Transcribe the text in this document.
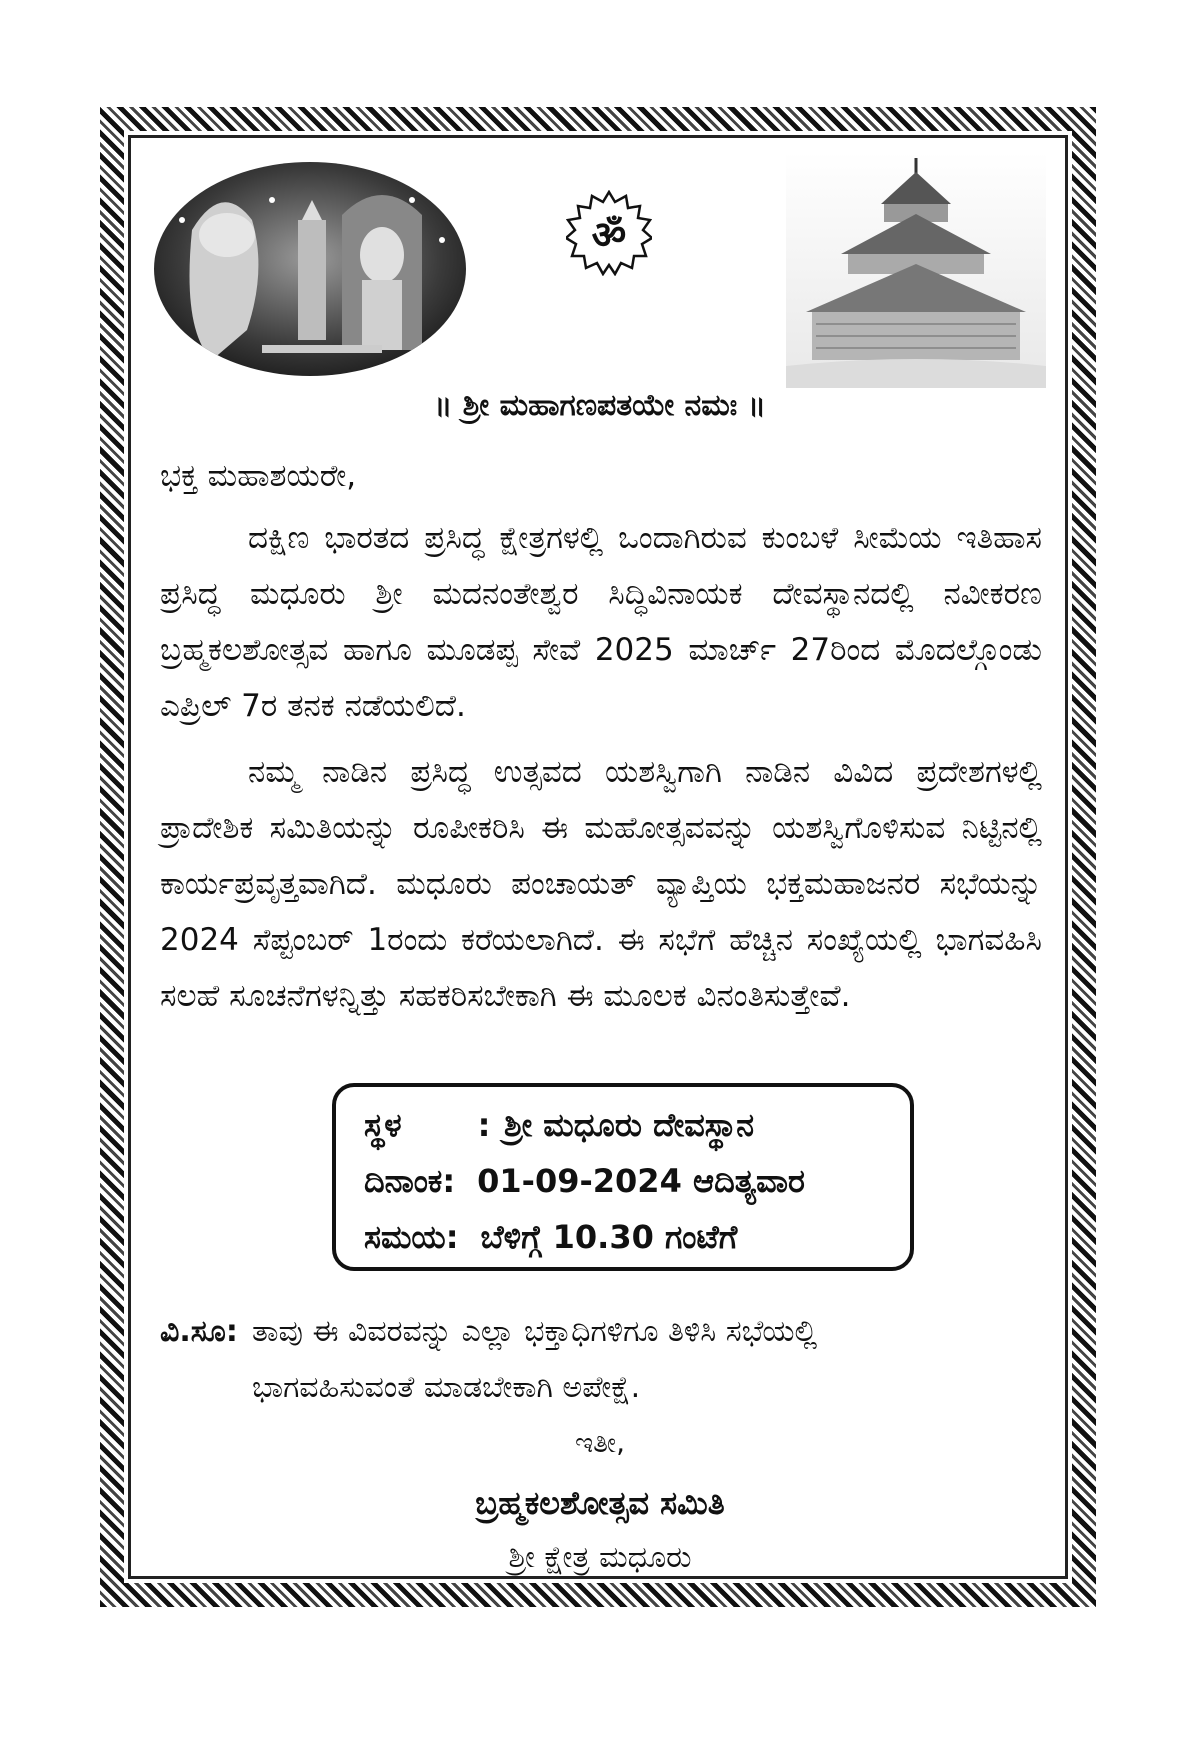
ॐ
॥ ಶ್ರೀ ಮಹಾಗಣಪತಯೇ ನಮಃ ॥
ಭಕ್ತ ಮಹಾಶಯರೇ,

ದಕ್ಷಿಣ ಭಾರತದ ಪ್ರಸಿದ್ಧ ಕ್ಷೇತ್ರಗಳಲ್ಲಿ ಒಂದಾಗಿರುವ ಕುಂಬಳೆ ಸೀಮೆಯ ಇತಿಹಾಸ ಪ್ರಸಿದ್ಧ ಮಧೂರು ಶ್ರೀ ಮದನಂತೇಶ್ವರ ಸಿದ್ಧಿವಿನಾಯಕ ದೇವಸ್ಥಾನದಲ್ಲಿ ನವೀಕರಣ ಬ್ರಹ್ಮಕಲಶೋತ್ಸವ ಹಾಗೂ ಮೂಡಪ್ಪ ಸೇವೆ 2025 ಮಾರ್ಚ್ 27ರಿಂದ ಮೊದಲ್ಗೊಂಡು ಎಪ್ರಿಲ್ 7ರ ತನಕ ನಡೆಯಲಿದೆ.

ನಮ್ಮ ನಾಡಿನ ಪ್ರಸಿದ್ಧ ಉತ್ಸವದ ಯಶಸ್ವಿಗಾಗಿ ನಾಡಿನ ವಿವಿದ ಪ್ರದೇಶಗಳಲ್ಲಿ ಪ್ರಾದೇಶಿಕ ಸಮಿತಿಯನ್ನು ರೂಪೀಕರಿಸಿ ಈ ಮಹೋತ್ಸವವನ್ನು ಯಶಸ್ವಿಗೊಳಿಸುವ ನಿಟ್ಟಿನಲ್ಲಿ ಕಾರ್ಯಪ್ರವೃತ್ತವಾಗಿದೆ. ಮಧೂರು ಪಂಚಾಯತ್ ವ್ಯಾಪ್ತಿಯ ಭಕ್ತಮಹಾಜನರ ಸಭೆಯನ್ನು 2024 ಸೆಪ್ಟಂಬರ್ 1ರಂದು ಕರೆಯಲಾಗಿದೆ. ಈ ಸಭೆಗೆ ಹೆಚ್ಚಿನ ಸಂಖ್ಯೆಯಲ್ಲಿ ಭಾಗವಹಿಸಿ ಸಲಹೆ ಸೂಚನೆಗಳನ್ನಿತ್ತು ಸಹಕರಿಸಬೇಕಾಗಿ ಈ ಮೂಲಕ ವಿನಂತಿಸುತ್ತೇವೆ.

ಸ್ಥಳ	: ಶ್ರೀ ಮಧೂರು ದೇವಸ್ಥಾನ
ದಿನಾಂಕ: 01-09-2024 ಆದಿತ್ಯವಾರ
ಸಮಯ: ಬೆಳಿಗ್ಗೆ 10.30 ಗಂಟೆಗೆ
ವಿ.ಸೂ: ತಾವು ಈ ವಿವರವನ್ನು ಎಲ್ಲಾ ಭಕ್ತಾಧಿಗಳಿಗೂ ತಿಳಿಸಿ ಸಭೆಯಲ್ಲಿ
ಭಾಗವಹಿಸುವಂತೆ ಮಾಡಬೇಕಾಗಿ ಅಪೇಕ್ಷೆ.
ಇತೀ,
ಬ್ರಹ್ಮಕಲಶೋತ್ಸವ ಸಮಿತಿ
ಶ್ರೀ ಕ್ಷೇತ್ರ ಮಧೂರು
